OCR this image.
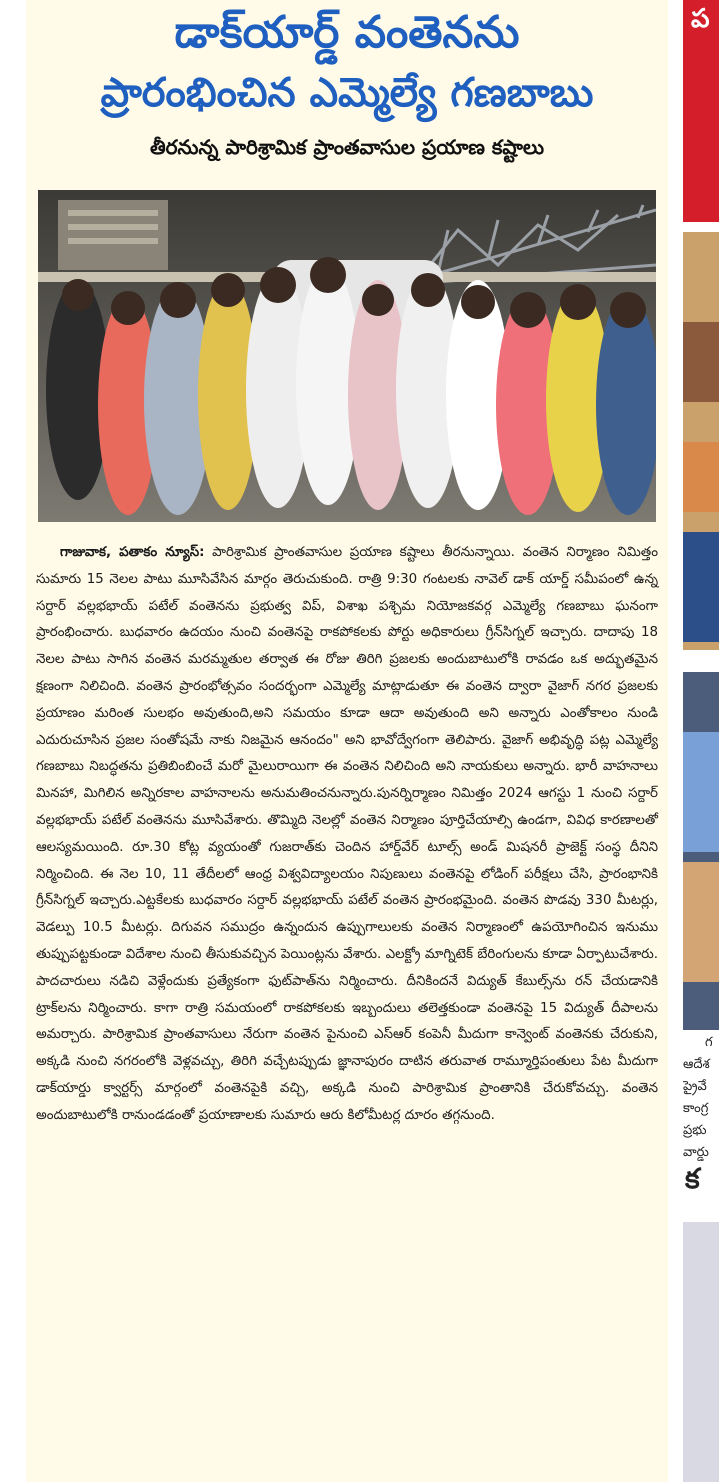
డాక్‌యార్డ్ వంతెనను
ప్రారంభించిన ఎమ్మెల్యే గణబాబు
తీరనున్న పారిశ్రామిక ప్రాంతవాసుల ప్రయాణ కష్టాలు
గాజువాక, పతాకం న్యూస్: పారిశ్రామిక ప్రాంతవాసుల ప్రయాణ కష్టాలు తీరనున్నాయి. వంతెన నిర్మాణం నిమిత్తం సుమారు 15 నెలల పాటు మూసివేసిన మార్గం తెరుచుకుంది. రాత్రి 9:30 గంటలకు నావెల్ డాక్ యార్డ్ సమీపంలో ఉన్న సర్దార్ వల్లభభాయ్ పటేల్ వంతెనను ప్రభుత్వ విప్, విశాఖ పశ్చిమ నియోజకవర్గ ఎమ్మెల్యే గణబాబు ఘనంగా ప్రారంభించారు. బుధవారం ఉదయం నుంచి వంతెనపై రాకపోకలకు పోర్టు అధికారులు గ్రీన్‌సిగ్నల్ ఇచ్చారు. దాదాపు 18 నెలల పాటు సాగిన వంతెన మరమ్మతుల తర్వాత ఈ రోజు తిరిగి ప్రజలకు అందుబాటులోకి రావడం ఒక అద్భుతమైన క్షణంగా నిలిచింది. వంతెన ప్రారంభోత్సవం సందర్భంగా ఎమ్మెల్యే మాట్లాడుతూ ఈ వంతెన ద్వారా వైజాగ్ నగర ప్రజలకు ప్రయాణం మరింత సులభం అవుతుంది,అని సమయం కూడా ఆదా అవుతుంది అని అన్నారు ఎంతోకాలం నుండి ఎదురుచూసిన ప్రజల సంతోషమే నాకు నిజమైన ఆనందం" అని భావోద్వేగంగా తెలిపారు. వైజాగ్ అభివృద్ధి పట్ల ఎమ్మెల్యే గణబాబు నిబద్ధతను ప్రతిబింబించే మరో మైలురాయిగా ఈ వంతెన నిలిచింది అని నాయకులు అన్నారు. భారీ వాహనాలు మినహా, మిగిలిన అన్నిరకాల వాహనాలను అనుమతించనున్నారు.పునర్నిర్మాణం నిమిత్తం 2024 ఆగస్టు 1 నుంచి సర్దార్ వల్లభభాయ్ పటేల్ వంతెనను మూసివేశారు. తొమ్మిది నెలల్లో వంతెన నిర్మాణం పూర్తిచేయాల్సి ఉండగా, వివిధ కారణాలతో ఆలస్యమయింది. రూ.30 కోట్ల వ్యయంతో గుజరాత్‌కు చెందిన హార్డ్‌వేర్ టూల్స్ అండ్ మిషనరీ ప్రాజెక్ట్ సంస్థ దీనిని నిర్మించింది. ఈ నెల 10, 11 తేదీలలో ఆంధ్ర విశ్వవిద్యాలయం నిపుణులు వంతెనపై లోడింగ్ పరీక్షలు చేసి, ప్రారంభానికి గ్రీన్‌సిగ్నల్ ఇచ్చారు.ఎట్టకేలకు బుధవారం సర్దార్ వల్లభభాయ్ పటేల్ వంతెన ప్రారంభమైంది. వంతెన పొడవు 330 మీటర్లు, వెడల్పు 10.5 మీటర్లు. దిగువన సముద్రం ఉన్నందున ఉప్పుగాలులకు వంతెన నిర్మాణంలో ఉపయోగించిన ఇనుము తుప్పుపట్టకుండా విదేశాల నుంచి తీసుకువచ్చిన పెయింట్లను వేశారు. ఎలక్ట్రో మాగ్నిటెక్ బేరింగులను కూడా ఏర్పాటుచేశారు. పాదచారులు నడిచి వెళ్లేందుకు ప్రత్యేకంగా ఫుట్‌పాత్‌ను నిర్మించారు. దీనికిందనే విద్యుత్ కేబుల్స్‌ను రన్ చేయడానికి ట్రాక్‌లను నిర్మించారు. కాగా రాత్రి సమయంలో రాకపోకలకు ఇబ్బందులు తలెత్తకుండా వంతెనపై 15 విద్యుత్ దీపాలను అమర్చారు. పారిశ్రామిక ప్రాంతవాసులు నేరుగా వంతెన పైనుంచి ఎస్ఆర్ కంపెనీ మీదుగా కాన్వెంట్ వంతెనకు చేరుకుని, అక్కడి నుంచి నగరంలోకి వెళ్లవచ్చు, తిరిగి వచ్చేటప్పుడు జ్ఞానాపురం దాటిన తరువాత రామ్మూర్తిపంతులు పేట మీదుగా డాక్‌యార్డు క్వార్టర్స్ మార్గంలో వంతెనపైకి వచ్చి, అక్కడి నుంచి పారిశ్రామిక ప్రాంతానికి చేరుకోవచ్చు. వంతెన అందుబాటులోకి రానుండడంతో ప్రయాణాలకు సుమారు ఆరు కిలోమీటర్ల దూరం తగ్గనుంది.
ప
గ
ఆదేశ
ప్రైవే
కాంగ్ర
ప్రభు
వార్డు
క
